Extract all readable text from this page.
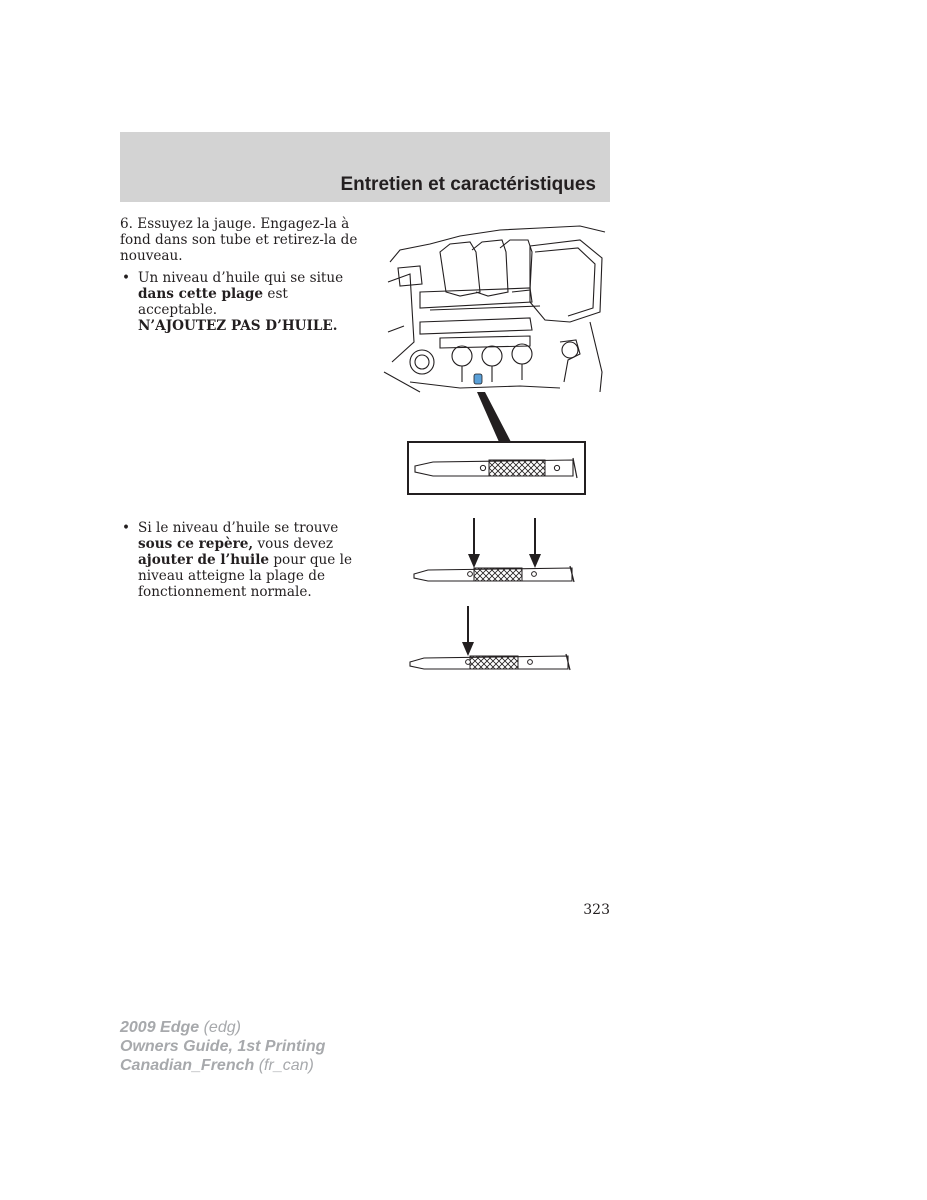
Entretien et caractéristiques

6. Essuyez la jauge. Engagez-la à fond dans son tube et retirez-la de nouveau.

• Un niveau d’huile qui se situe dans cette plage est acceptable.
N’AJOUTEZ PAS D’HUILE.
• Si le niveau d’huile se trouve sous ce repère, vous devez ajouter de l’huile pour que le niveau atteigne la plage de fonctionnement normale.
323
2009 Edge (edg)
Owners Guide, 1st Printing
Canadian_French (fr_can)
